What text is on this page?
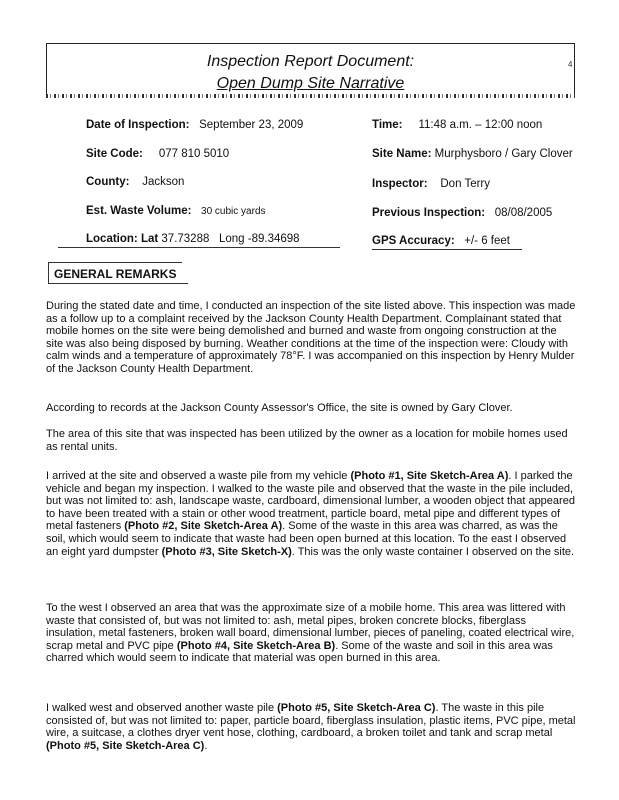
Inspection Report Document:
Open Dump Site Narrative
Date of Inspection: September 23, 2009	Time: 11:48 a.m. – 12:00 noon
Site Code: 077 810 5010	Site Name: Murphysboro / Gary Clover
County: Jackson	Inspector: Don Terry
Est. Waste Volume: 30 cubic yards	Previous Inspection: 08/08/2005
Location: Lat 37.73288 Long -89.34698	GPS Accuracy: +/- 6 feet
GENERAL REMARKS
During the stated date and time, I conducted an inspection of the site listed above. This inspection was made as a follow up to a complaint received by the Jackson County Health Department. Complainant stated that mobile homes on the site were being demolished and burned and waste from ongoing construction at the site was also being disposed by burning. Weather conditions at the time of the inspection were: Cloudy with calm winds and a temperature of approximately 78°F. I was accompanied on this inspection by Henry Mulder of the Jackson County Health Department.
According to records at the Jackson County Assessor's Office, the site is owned by Gary Clover.
The area of this site that was inspected has been utilized by the owner as a location for mobile homes used as rental units.
I arrived at the site and observed a waste pile from my vehicle (Photo #1, Site Sketch-Area A). I parked the vehicle and began my inspection. I walked to the waste pile and observed that the waste in the pile included, but was not limited to: ash, landscape waste, cardboard, dimensional lumber, a wooden object that appeared to have been treated with a stain or other wood treatment, particle board, metal pipe and different types of metal fasteners (Photo #2, Site Sketch-Area A). Some of the waste in this area was charred, as was the soil, which would seem to indicate that waste had been open burned at this location. To the east I observed an eight yard dumpster (Photo #3, Site Sketch-X). This was the only waste container I observed on the site.
To the west I observed an area that was the approximate size of a mobile home. This area was littered with waste that consisted of, but was not limited to: ash, metal pipes, broken concrete blocks, fiberglass insulation, metal fasteners, broken wall board, dimensional lumber, pieces of paneling, coated electrical wire, scrap metal and PVC pipe (Photo #4, Site Sketch-Area B). Some of the waste and soil in this area was charred which would seem to indicate that material was open burned in this area.
I walked west and observed another waste pile (Photo #5, Site Sketch-Area C). The waste in this pile consisted of, but was not limited to: paper, particle board, fiberglass insulation, plastic items, PVC pipe, metal wire, a suitcase, a clothes dryer vent hose, clothing, cardboard, a broken toilet and tank and scrap metal (Photo #5, Site Sketch-Area C).
4
